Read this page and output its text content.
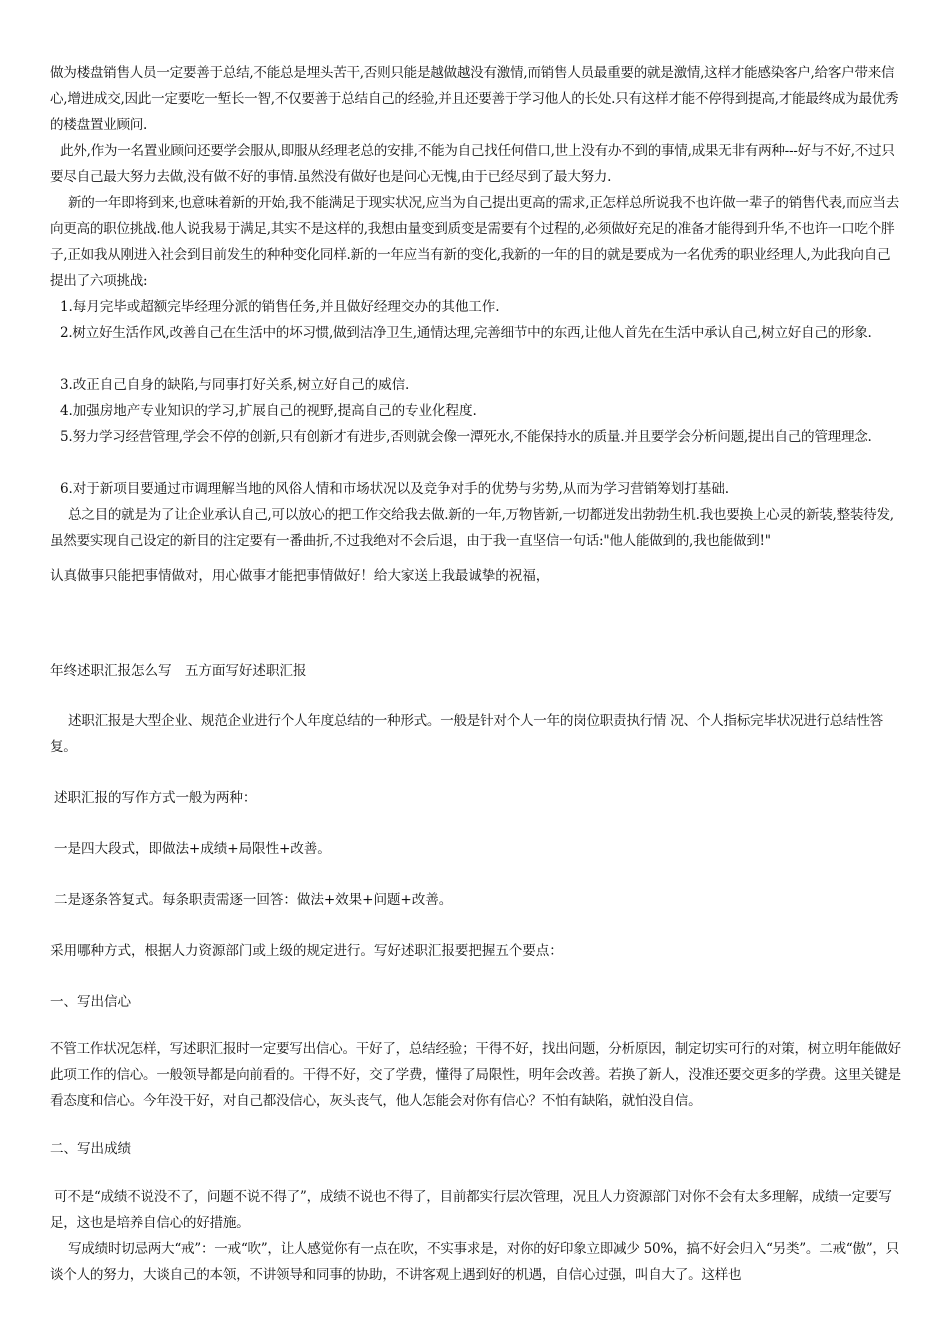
做为楼盘销售人员一定要善于总结,不能总是埋头苦干,否则只能是越做越没有激情,而销售人员最重要的就是激情,这样才能感染客户,给客户带来信心,增进成交,因此一定要吃一堑长一智,不仅要善于总结自己的经验,并且还要善于学习他人的长处.只有这样才能不停得到提高,才能最终成为最优秀的楼盘置业顾问.

此外,作为一名置业顾问还要学会服从,即服从经理老总的安排,不能为自己找任何借口,世上没有办不到的事情,成果无非有两种---好与不好,不过只要尽自己最大努力去做,没有做不好的事情.虽然没有做好也是问心无愧,由于已经尽到了最大努力.

新的一年即将到来,也意味着新的开始,我不能满足于现实状况,应当为自己提出更高的需求,正怎样总所说我不也许做一辈子的销售代表,而应当去向更高的职位挑战.他人说我易于满足,其实不是这样的,我想由量变到质变是需要有个过程的,必须做好充足的准备才能得到升华,不也许一口吃个胖子,正如我从刚进入社会到目前发生的种种变化同样.新的一年应当有新的变化,我新的一年的目的就是要成为一名优秀的职业经理人,为此我向自己提出了六项挑战:

1.每月完毕或超额完毕经理分派的销售任务,并且做好经理交办的其他工作.

2.树立好生活作风,改善自己在生活中的坏习惯,做到洁净卫生,通情达理,完善细节中的东西,让他人首先在生活中承认自己,树立好自己的形象.

3.改正自己自身的缺陷,与同事打好关系,树立好自己的威信.

4.加强房地产专业知识的学习,扩展自己的视野,提高自己的专业化程度.

5.努力学习经营管理,学会不停的创新,只有创新才有进步,否则就会像一潭死水,不能保持水的质量.并且要学会分析问题,提出自己的管理理念.

6.对于新项目要通过市调理解当地的风俗人情和市场状况以及竞争对手的优势与劣势,从而为学习营销筹划打基础.

总之目的就是为了让企业承认自己,可以放心的把工作交给我去做.新的一年,万物皆新,一切都迸发出勃勃生机.我也要换上心灵的新装,整装待发,虽然要实现自己设定的新目的注定要有一番曲折,不过我绝对不会后退，由于我一直坚信一句话:"他人能做到的,我也能做到!"

认真做事只能把事情做对，用心做事才能把事情做好！给大家送上我最诚挚的祝福，

年终述职汇报怎么写　五方面写好述职汇报

述职汇报是大型企业、规范企业进行个人年度总结的一种形式。一般是针对个人一年的岗位职责执行情 况、个人指标完毕状况进行总结性答复。

述职汇报的写作方式一般为两种：

一是四大段式，即做法+成绩+局限性+改善。

二是逐条答复式。每条职责需逐一回答：做法+效果+问题+改善。

采用哪种方式，根据人力资源部门或上级的规定进行。写好述职汇报要把握五个要点：

一、写出信心

不管工作状况怎样，写述职汇报时一定要写出信心。干好了，总结经验；干得不好，找出问题，分析原因，制定切实可行的对策，树立明年能做好此项工作的信心。一般领导都是向前看的。干得不好，交了学费，懂得了局限性，明年会改善。若换了新人，没准还要交更多的学费。这里关键是看态度和信心。今年没干好，对自己都没信心，灰头丧气，他人怎能会对你有信心？不怕有缺陷，就怕没自信。

二、写出成绩

可不是“成绩不说没不了，问题不说不得了”，成绩不说也不得了，目前都实行层次管理，况且人力资源部门对你不会有太多理解，成绩一定要写足，这也是培养自信心的好措施。

写成绩时切忌两大“戒”：一戒“吹”，让人感觉你有一点在吹，不实事求是，对你的好印象立即减少 50%，搞不好会归入“另类”。二戒“傲”，只谈个人的努力，大谈自己的本领，不讲领导和同事的协助，不讲客观上遇到好的机遇，自信心过强，叫自大了。这样也
